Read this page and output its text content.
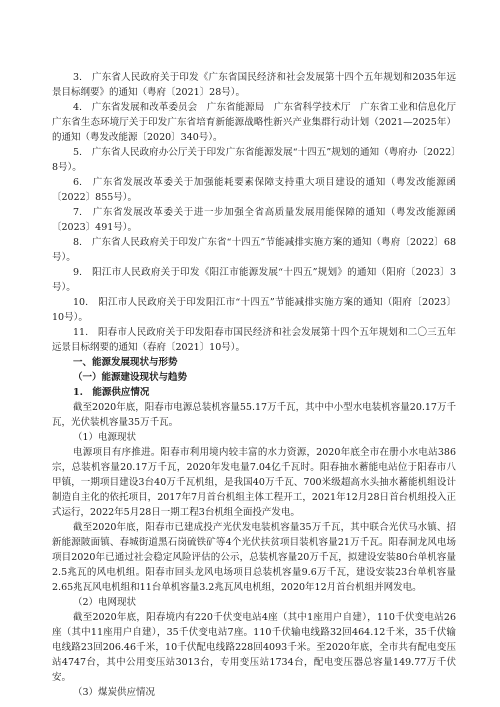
3.　广东省人民政府关于印发《广东省国民经济和社会发展第十四个五年规划和2035年远景目标纲要》的通知（粤府〔2021〕28号）。

4.　广东省发展和改革委员会　广东省能源局　广东省科学技术厅　广东省工业和信息化厅　广东省生态环境厅关于印发广东省培育新能源战略性新兴产业集群行动计划（2021—2025年）的通知（粤发改能源〔2020〕340号）。

5.　广东省人民政府办公厅关于印发广东省能源发展“十四五”规划的通知（粤府办〔2022〕8号）。

6.　广东省发展改革委关于加强能耗要素保障支持重大项目建设的通知（粤发改能源函〔2022〕855号）。

7.　广东省发展改革委关于进一步加强全省高质量发展用能保障的通知（粤发改能源函〔2023〕491号）。

8.　广东省人民政府关于印发广东省“十四五”节能减排实施方案的通知（粤府〔2022〕68号）。

9.　阳江市人民政府关于印发《阳江市能源发展“十四五”规划》的通知（阳府〔2023〕3号）。

10.　阳江市人民政府关于印发阳江市“十四五”节能减排实施方案的通知（阳府〔2023〕10号）。

11.　阳春市人民政府关于印发阳春市国民经济和社会发展第十四个五年规划和二〇三五年远景目标纲要的通知（春府〔2021〕10号）。

一、能源发展现状与形势

（一）能源建设现状与趋势

1.　能源供应情况

截至2020年底，阳春市电源总装机容量55.17万千瓦，其中中小型水电装机容量20.17万千瓦，光伏装机容量35万千瓦。

（1）电源现状

电源项目有序推进。阳春市利用境内较丰富的水力资源，2020年底全市在册小水电站386宗，总装机容量20.17万千瓦，2020年发电量7.04亿千瓦时。阳春抽水蓄能电站位于阳春市八甲镇，一期项目建设3台40万千瓦机组，是我国40万千瓦、700米级超高水头抽水蓄能机组设计制造自主化的依托项目，2017年7月首台机组主体工程开工，2021年12月28日首台机组投入正式运行，2022年5月28日一期工程3台机组全面投产发电。

截至2020年底，阳春市已建成投产光伏发电装机容量35万千瓦，其中联合光伏马水镇、招新能源陂面镇、春城街道黑石岗硫铁矿等4个光伏扶贫项目装机容量21万千瓦。阳春洞龙风电场项目2020年已通过社会稳定风险评估的公示，总装机容量20万千瓦，拟建设安装80台单机容量2.5兆瓦的风电机组。阳春市回头龙风电场项目总装机容量9.6万千瓦，建设安装23台单机容量2.65兆瓦风电机组和11台单机容量3.2兆瓦风电机组，2020年12月首台机组并网发电。

（2）电网现状

截至2020年底，阳春境内有220千伏变电站4座（其中1座用户自建），110千伏变电站26座（其中11座用户自建），35千伏变电站7座。110千伏输电线路32回464.12千米，35千伏输电线路23回206.46千米，10千伏配电线路228回4093千米。至2020年底，全市共有配电变压站4747台，其中公用变压站3013台，专用变压站1734台，配电变压器总容量149.77万千伏安。

（3）煤炭供应情况
